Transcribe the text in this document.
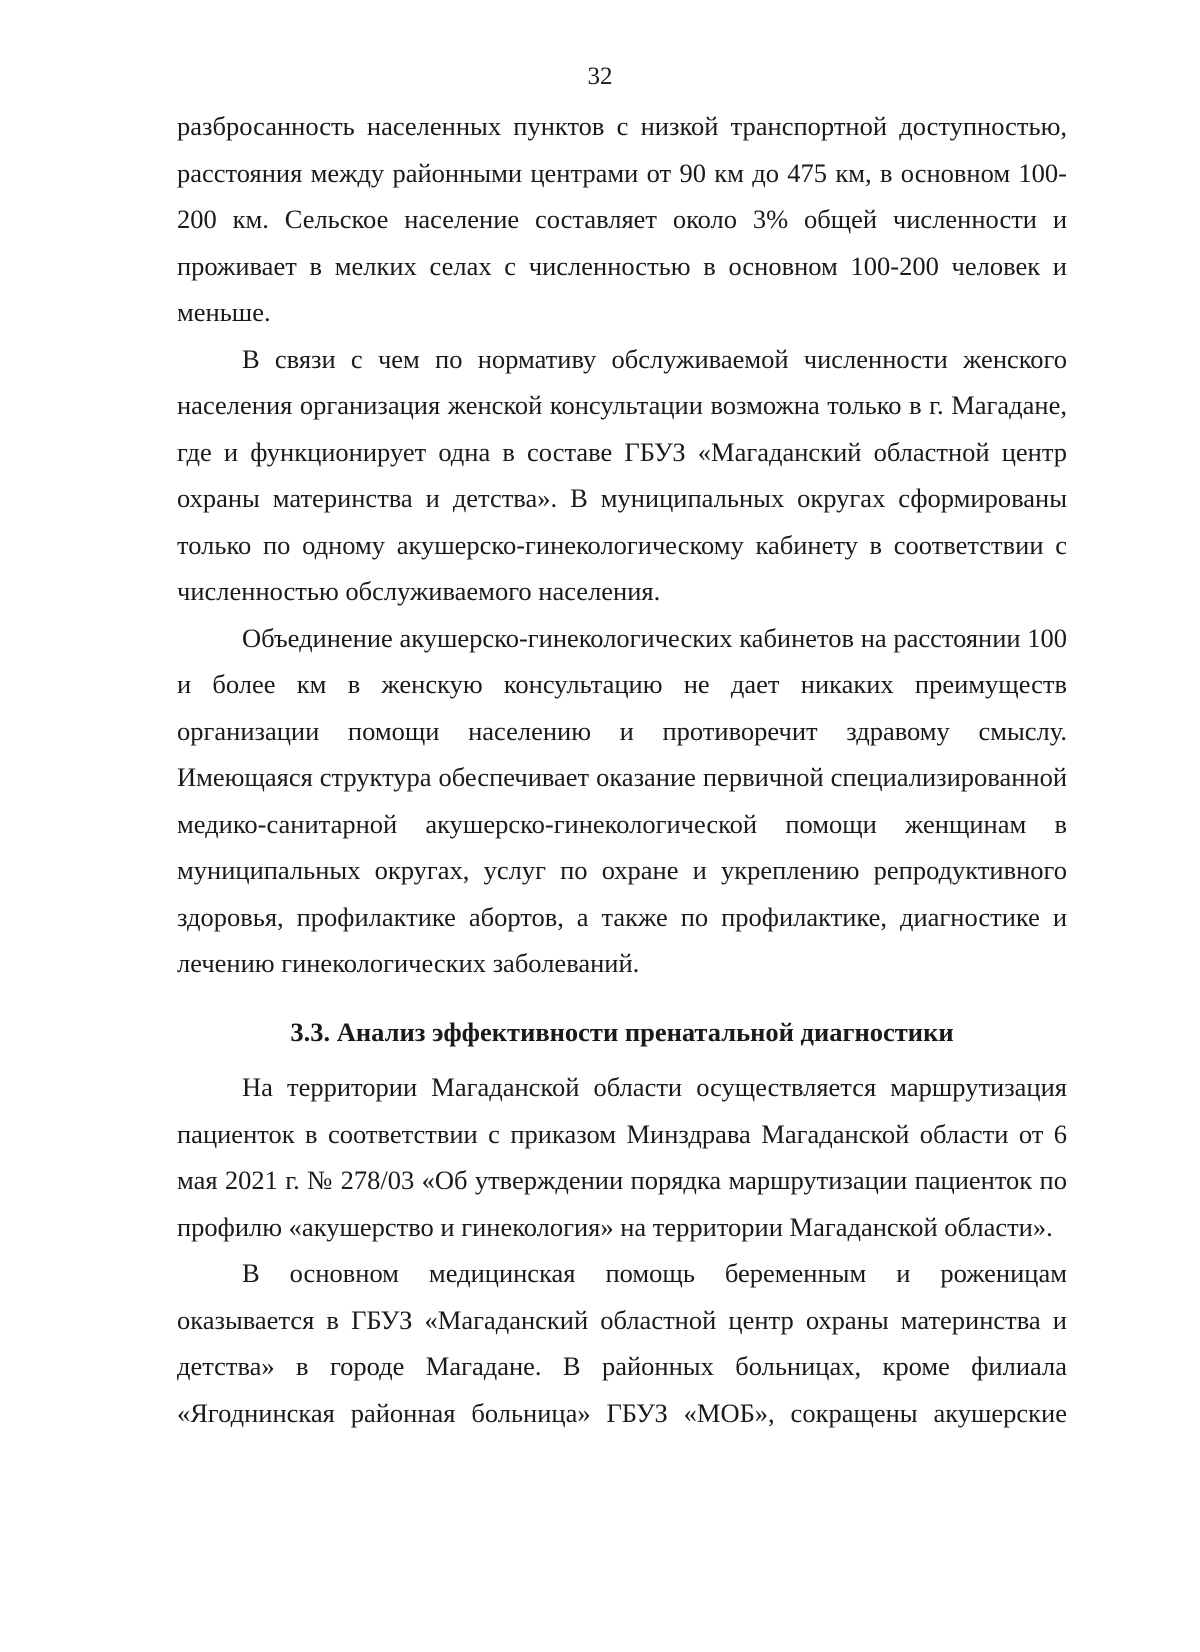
32

разбросанность населенных пунктов с низкой транспортной доступностью, расстояния между районными центрами от 90 км до 475 км, в основном 100-200 км. Сельское население составляет около 3% общей численности и проживает в мелких селах с численностью в основном 100-200 человек и меньше.

В связи с чем по нормативу обслуживаемой численности женского населения организация женской консультации возможна только в г. Магадане, где и функционирует одна в составе ГБУЗ «Магаданский областной центр охраны материнства и детства». В муниципальных округах сформированы только по одному акушерско-гинекологическому кабинету в соответствии с численностью обслуживаемого населения.

Объединение акушерско-гинекологических кабинетов на расстоянии 100 и более км в женскую консультацию не дает никаких преимуществ организации помощи населению и противоречит здравому смыслу. Имеющаяся структура обеспечивает оказание первичной специализированной медико-санитарной акушерско-гинекологической помощи женщинам в муниципальных округах, услуг по охране и укреплению репродуктивного здоровья, профилактике абортов, а также по профилактике, диагностике и лечению гинекологических заболеваний.

3.3. Анализ эффективности пренатальной диагностики

На территории Магаданской области осуществляется маршрутизация пациенток в соответствии с приказом Минздрава Магаданской области от 6 мая 2021 г. № 278/03 «Об утверждении порядка маршрутизации пациенток по профилю «акушерство и гинекология» на территории Магаданской области».

В основном медицинская помощь беременным и роженицам оказывается в ГБУЗ «Магаданский областной центр охраны материнства и детства» в городе Магадане. В районных больницах, кроме филиала «Ягоднинская районная больница» ГБУЗ «МОБ», сокращены акушерские
